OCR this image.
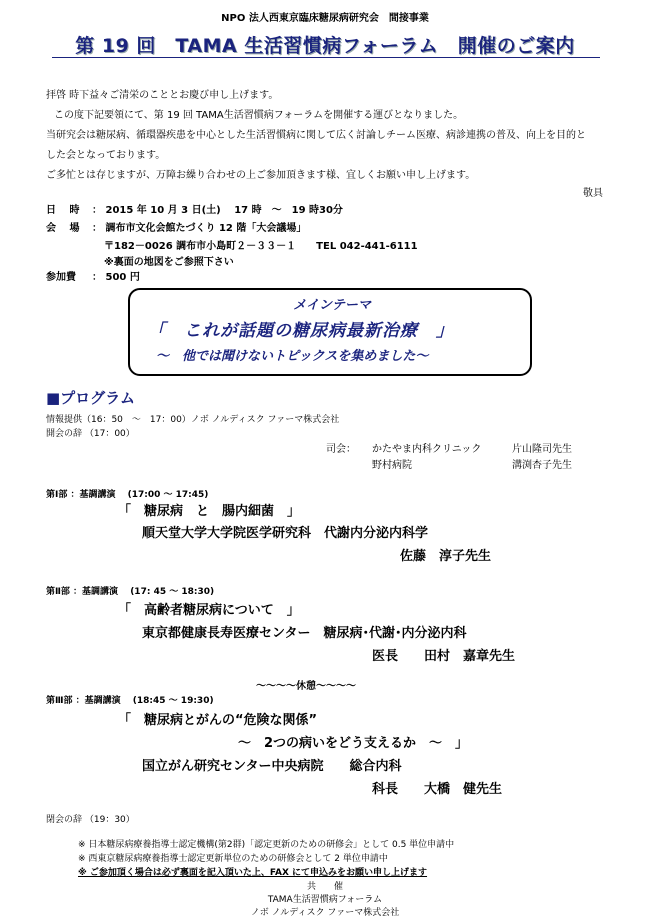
NPO 法人西東京臨床糖尿病研究会　間接事業
第 19 回　TAMA 生活習慣病フォーラム　開催のご案内
拝啓 時下益々ご清栄のこととお慶び申し上げます。
この度下記要領にて、第 19 回 TAMA生活習慣病フォーラムを開催する運びとなりました。
当研究会は糖尿病、循環器疾患を中心とした生活習慣病に関して広く討論しチーム医療、病診連携の普及、向上を目的と
した会となっております。
ご多忙とは存じますが、万障お繰り合わせの上ご参加頂きます様、宜しくお願い申し上げます。
敬具
日　 時 ： 2015 年 10 月 3 日(土)　 17 時　～　19 時30分
会　 場 ： 調布市文化会館たづくり 12 階「大会議場」
〒182－0026 調布市小島町２－３３－１　　TEL 042-441-6111
※裏面の地図をご参照下さい
参加費 ： 500 円
メインテーマ
「　これが話題の糖尿病最新治療　」
～　他では聞けないトピックスを集めました～
■プログラム
情報提供（16：50　～　17：00）ノボ ノルディスク ファーマ株式会社
開会の辞 （17：00）
司会： かたやま内科クリニック	片山隆司先生
野村病院	溝渕杏子先生
第Ⅰ部 ：基調講演　 (17:00 ～ 17:45)
「　糖尿病　と　腸内細菌　」
順天堂大学大学院医学研究科　代謝内分泌内科学
佐藤　淳子先生
第Ⅱ部 ：基調講演　 (17: 45 ～ 18:30)
「　高齢者糖尿病について　」
東京都健康長寿医療センター　糖尿病･代謝･内分泌内科
医長　　田村　嘉章先生
～～～～休憩～～～～
第Ⅲ部 ：基調講演　 (18:45 ～ 19:30)
「　糖尿病とがんの“危険な関係”
～　2つの病いをどう支えるか　～　」
国立がん研究センター中央病院　　総合内科
科長　　大橋　健先生
閉会の辞 （19：30）
※ 日本糖尿病療養指導士認定機構(第2群)「認定更新のための研修会」として 0.5 単位申請中
※ 西東京糖尿病療養指導士認定更新単位のための研修会として 2 単位申請中
※ ご参加頂く場合は必ず裏面を記入頂いた上、FAX にて申込みをお願い申し上げます
共　　催
TAMA生活習慣病フォーラム
ノボ ノルディスク ファーマ株式会社
